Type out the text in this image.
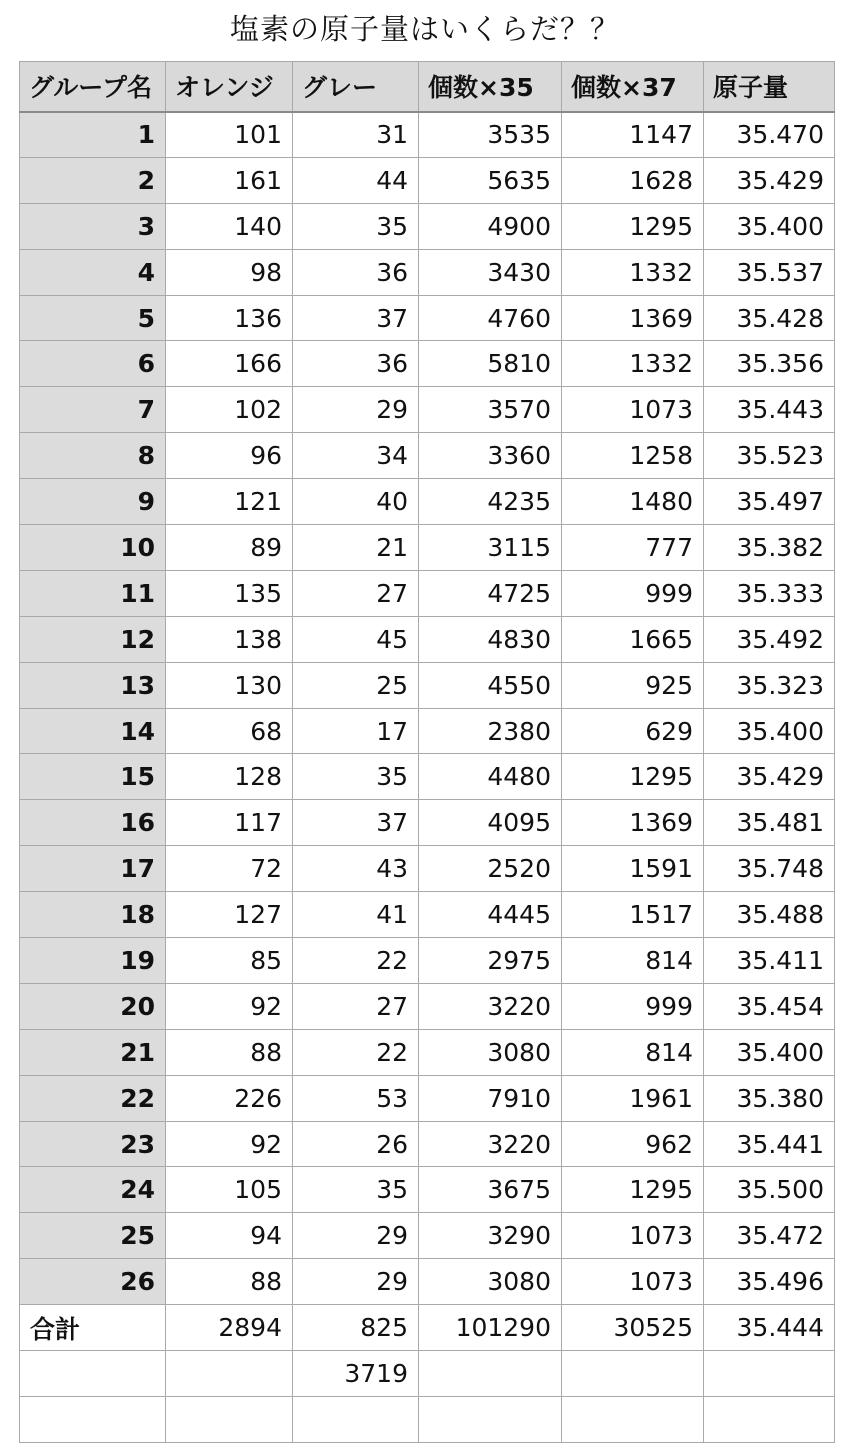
塩素の原子量はいくらだ？？
グループ名	オレンジ	グレー	個数×35	個数×37	原子量
1	101	31	3535	1147	35.470
2	161	44	5635	1628	35.429
3	140	35	4900	1295	35.400
4	98	36	3430	1332	35.537
5	136	37	4760	1369	35.428
6	166	36	5810	1332	35.356
7	102	29	3570	1073	35.443
8	96	34	3360	1258	35.523
9	121	40	4235	1480	35.497
10	89	21	3115	777	35.382
11	135	27	4725	999	35.333
12	138	45	4830	1665	35.492
13	130	25	4550	925	35.323
14	68	17	2380	629	35.400
15	128	35	4480	1295	35.429
16	117	37	4095	1369	35.481
17	72	43	2520	1591	35.748
18	127	41	4445	1517	35.488
19	85	22	2975	814	35.411
20	92	27	3220	999	35.454
21	88	22	3080	814	35.400
22	226	53	7910	1961	35.380
23	92	26	3220	962	35.441
24	105	35	3675	1295	35.500
25	94	29	3290	1073	35.472
26	88	29	3080	1073	35.496
合計	2894	825	101290	30525	35.444
		3719			
